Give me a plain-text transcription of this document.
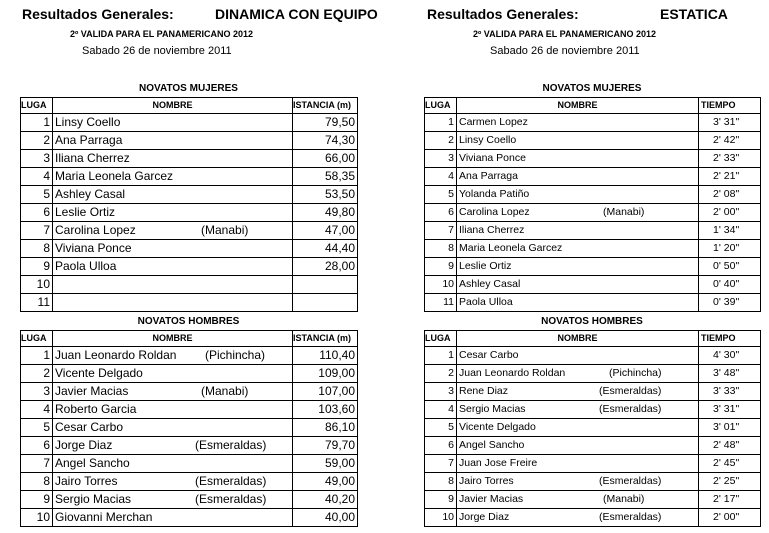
Resultados Generales:	DINAMICA CON EQUIPO
2º VALIDA PARA EL PANAMERICANO 2012
Sabado 26 de noviembre 2011
Resultados Generales:	ESTATICA
2º VALIDA PARA EL PANAMERICANO 2012
Sabado 26 de noviembre 2011
NOVATOS MUJERES
NOVATOS HOMBRES
NOVATOS MUJERES
NOVATOS HOMBRES
LUGA	NOMBRE	ISTANCIA (m)
1	Linsy Coello	79,50
2	Ana Parraga	74,30
3	Iliana Cherrez	66,00
4	Maria Leonela Garcez	58,35
5	Ashley Casal	53,50
6	Leslie Ortiz	49,80
7	Carolina Lopez (Manabi)	47,00
8	Viviana Ponce	44,40
9	Paola Ulloa	28,00
10		
11		
LUGA	NOMBRE	ISTANCIA (m)
1	Juan Leonardo Roldan (Pichincha)	110,40
2	Vicente Delgado	109,00
3	Javier Macias (Manabi)	107,00
4	Roberto Garcia	103,60
5	Cesar Carbo	86,10
6	Jorge Diaz (Esmeraldas)	79,70
7	Angel Sancho	59,00
8	Jairo Torres (Esmeraldas)	49,00
9	Sergio Macias (Esmeraldas)	40,20
10	Giovanni Merchan	40,00
LUGA	NOMBRE	TIEMPO
1	Carmen Lopez	3' 31"
2	Linsy Coello	2' 42"
3	Viviana Ponce	2' 33"
4	Ana Parraga	2' 21"
5	Yolanda Patiño	2' 08"
6	Carolina Lopez (Manabi)	2' 00"
7	Iliana Cherrez	1' 34"
8	Maria Leonela Garcez	1' 20"
9	Leslie Ortiz	0' 50"
10	Ashley Casal	0' 40"
11	Paola Ulloa	0' 39"
LUGA	NOMBRE	TIEMPO
1	Cesar Carbo	4' 30"
2	Juan Leonardo Roldan (Pichincha)	3' 48"
3	Rene Diaz (Esmeraldas)	3' 33"
4	Sergio Macias (Esmeraldas)	3' 31"
5	Vicente Delgado	3' 01"
6	Angel Sancho	2' 48"
7	Juan Jose Freire	2' 45"
8	Jairo Torres (Esmeraldas)	2' 25"
9	Javier Macias (Manabi)	2' 17"
10	Jorge Diaz (Esmeraldas)	2' 00"
